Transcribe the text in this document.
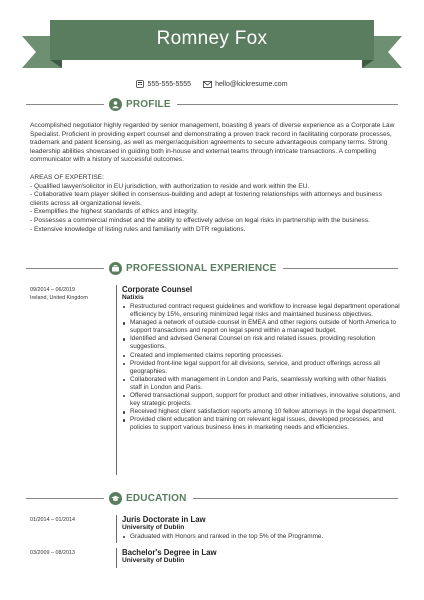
Romney Fox
555-555-5555	hello@kickresume.com
PROFILE

Accomplished negotiator highly regarded by senior management, boasting 8 years of diverse experience as a Corporate Law Specialist. Proficient in providing expert counsel and demonstrating a proven track record in facilitating corporate processes, trademark and patent licensing, as well as merger/acquisition agreements to secure advantageous company terms. Strong leadership abilities showcased in guiding both in-house and external teams through intricate transactions. A compelling communicator with a history of successful outcomes.

AREAS OF EXPERTISE:

- Qualified lawyer/solicitor in EU jurisdiction, with authorization to reside and work within the EU.

- Collaborative team player skilled in consensus-building and adept at fostering relationships with attorneys and business clients across all organizational levels.

- Exemplifies the highest standards of ethics and integrity.

- Possesses a commercial mindset and the ability to effectively advise on legal risks in partnership with the business.

- Extensive knowledge of listing rules and familiarity with DTR regulations.

PROFESSIONAL EXPERIENCE
09/2014 – 06/2019
Ireland, United Kingdom
Corporate Counsel
Natixis
Restructured contract request guidelines and workflow to increase legal department operational efficiency by 15%, ensuring minimized legal risks and maintained business objectives.
Managed a network of outside counsel in EMEA and other regions outside of North America to support transactions and report on legal spend within a managed budget.
Identified and advised General Counsel on risk and related issues, providing resolution suggestions.
Created and implemented claims reporting processes.
Provided front-line legal support for all divisions, service, and product offerings across all geographies.
Collaborated with management in London and Paris, seamlessly working with other Natixis staff in London and Paris.
Offered transactional support, support for product and other initiatives, innovative solutions, and key strategic projects.
Received highest client satisfaction reports among 10 fellow attorneys in the legal department.
Provided client education and training on relevant legal issues, developed processes, and policies to support various business lines in marketing needs and efficiencies.
EDUCATION
01/2014 – 01/2014	Juris Doctorate in Law
University of Dublin
Graduated with Honors and ranked in the top 5% of the Programme.
03/2009 – 08/2013	Bachelor's Degree in Law
University of Dublin
